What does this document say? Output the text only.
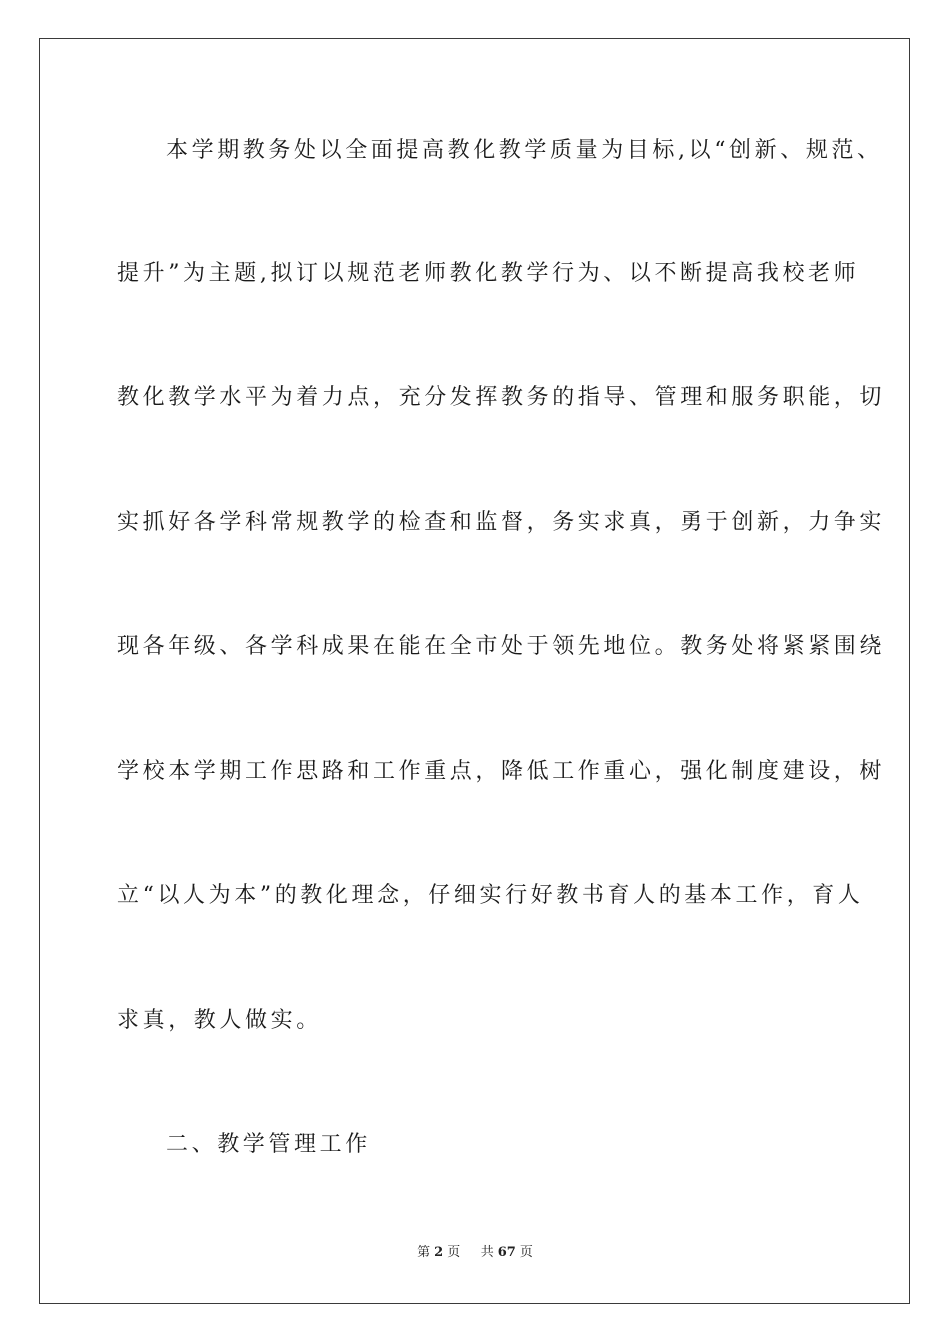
本学期教务处以全面提高教化教学质量为目标,以“创新、规范、
提升”为主题,拟订以规范老师教化教学行为、以不断提高我校老师
教化教学水平为着力点，充分发挥教务的指导、管理和服务职能，切
实抓好各学科常规教学的检查和监督，务实求真，勇于创新，力争实
现各年级、各学科成果在能在全市处于领先地位。教务处将紧紧围绕
学校本学期工作思路和工作重点，降低工作重心，强化制度建设，树
立“以人为本”的教化理念，仔细实行好教书育人的基本工作，育人
求真，教人做实。
二、教学管理工作
第 2 页 共 67 页
